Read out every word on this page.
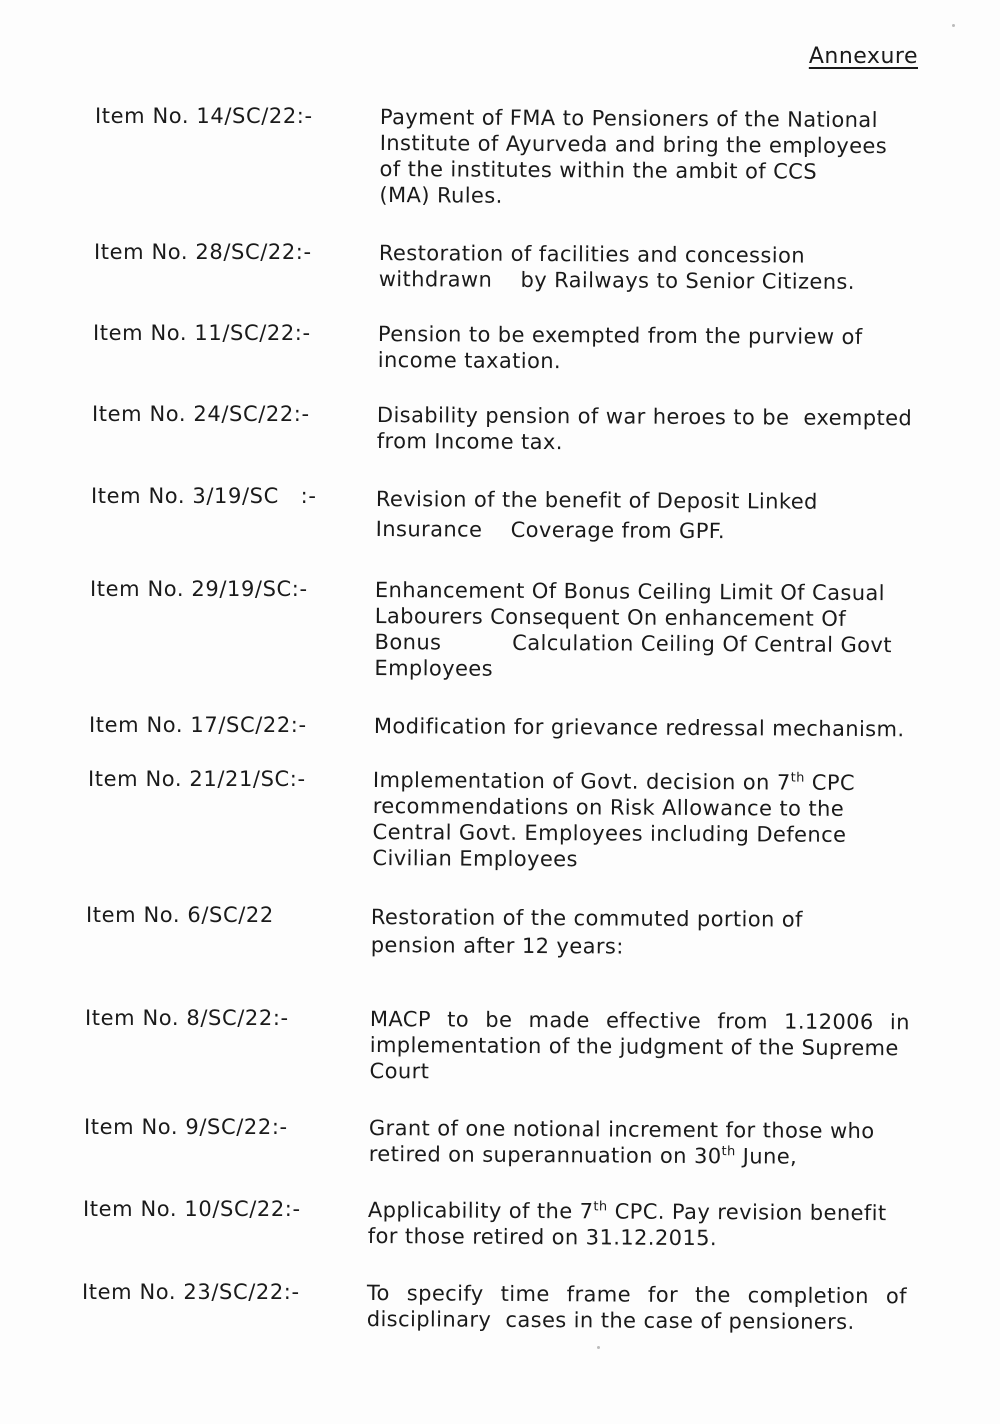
Annexure
Item No. 14/SC/22:-	Payment of FMA to Pensioners of the National
Institute of Ayurveda and bring the employees
of the institutes within the ambit of CCS
(MA) Rules.
Item No. 28/SC/22:-	Restoration of facilities and concession
withdrawn    by Railways to Senior Citizens.
Item No. 11/SC/22:-	Pension to be exempted from the purview of
income taxation.
Item No. 24/SC/22:-	Disability pension of war heroes to be  exempted
from Income tax.
Item No. 3/19/SC   :-	Revision of the benefit of Deposit Linked
Insurance    Coverage from GPF.
Item No. 29/19/SC:-	Enhancement Of Bonus Ceiling Limit Of Casual
Labourers Consequent On enhancement Of
Bonus          Calculation Ceiling Of Central Govt
Employees
Item No. 17/SC/22:-	Modification for grievance redressal mechanism.
Item No. 21/21/SC:-	Implementation of Govt. decision on 7th CPC
recommendations on Risk Allowance to the
Central Govt. Employees including Defence
Civilian Employees
Item No. 6/SC/22	Restoration of the commuted portion of
pension after 12 years:
Item No. 8/SC/22:-	MACP to be made effective from 1.12006 in
implementation of the judgment of the Supreme
Court
Item No. 9/SC/22:-	Grant of one notional increment for those who
retired on superannuation on 30th June,
Item No. 10/SC/22:-	Applicability of the 7th CPC. Pay revision benefit
for those retired on 31.12.2015.
Item No. 23/SC/22:-	To specify time frame for the completion of
disciplinary  cases in the case of pensioners.
